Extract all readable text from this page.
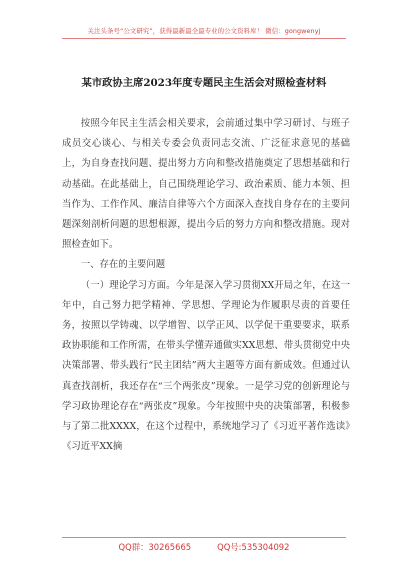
关注头条号“公文研究”，获得最新最全最专业的公文资料库！ 微信：gongwenyj
某市政协主席2023年度专题民主生活会对照检查材料

按照今年民主生活会相关要求，会前通过集中学习研讨、与班子成员交心谈心、与相关专委会负责同志交流、广泛征求意见的基础上，为自身查找问题、提出努力方向和整改措施奠定了思想基础和行动基础。在此基础上，自己围绕理论学习、政治素质、能力本领、担当作为、工作作风、廉洁自律等六个方面深入查找自身存在的主要问题深刻剖析问题的思想根源，提出今后的努力方向和整改措施。现对照检查如下。

一、存在的主要问题

（一）理论学习方面。今年是深入学习贯彻XX开局之年，在这一年中，自己努力把学精神、学思想、学理论为作履职尽责的首要任务，按照以学铸魂、以学增智、以学正风、以学促干重要要求，联系政协职能和工作所需，在带头学懂弄通做实XX思想、带头贯彻党中央决策部署、带头践行“民主团结”两大主题等方面有新成效。但通过认真查找剖析，我还存在“三个两张皮”现象。一是学习党的创新理论与学习政协理论存在“两张皮”现象。今年按照中央的决策部署，积极参与了第二批XXXX，在这个过程中，系统地学习了《习近平著作选读》《习近平XX摘

QQ群：30265665	QQ号:535304092
